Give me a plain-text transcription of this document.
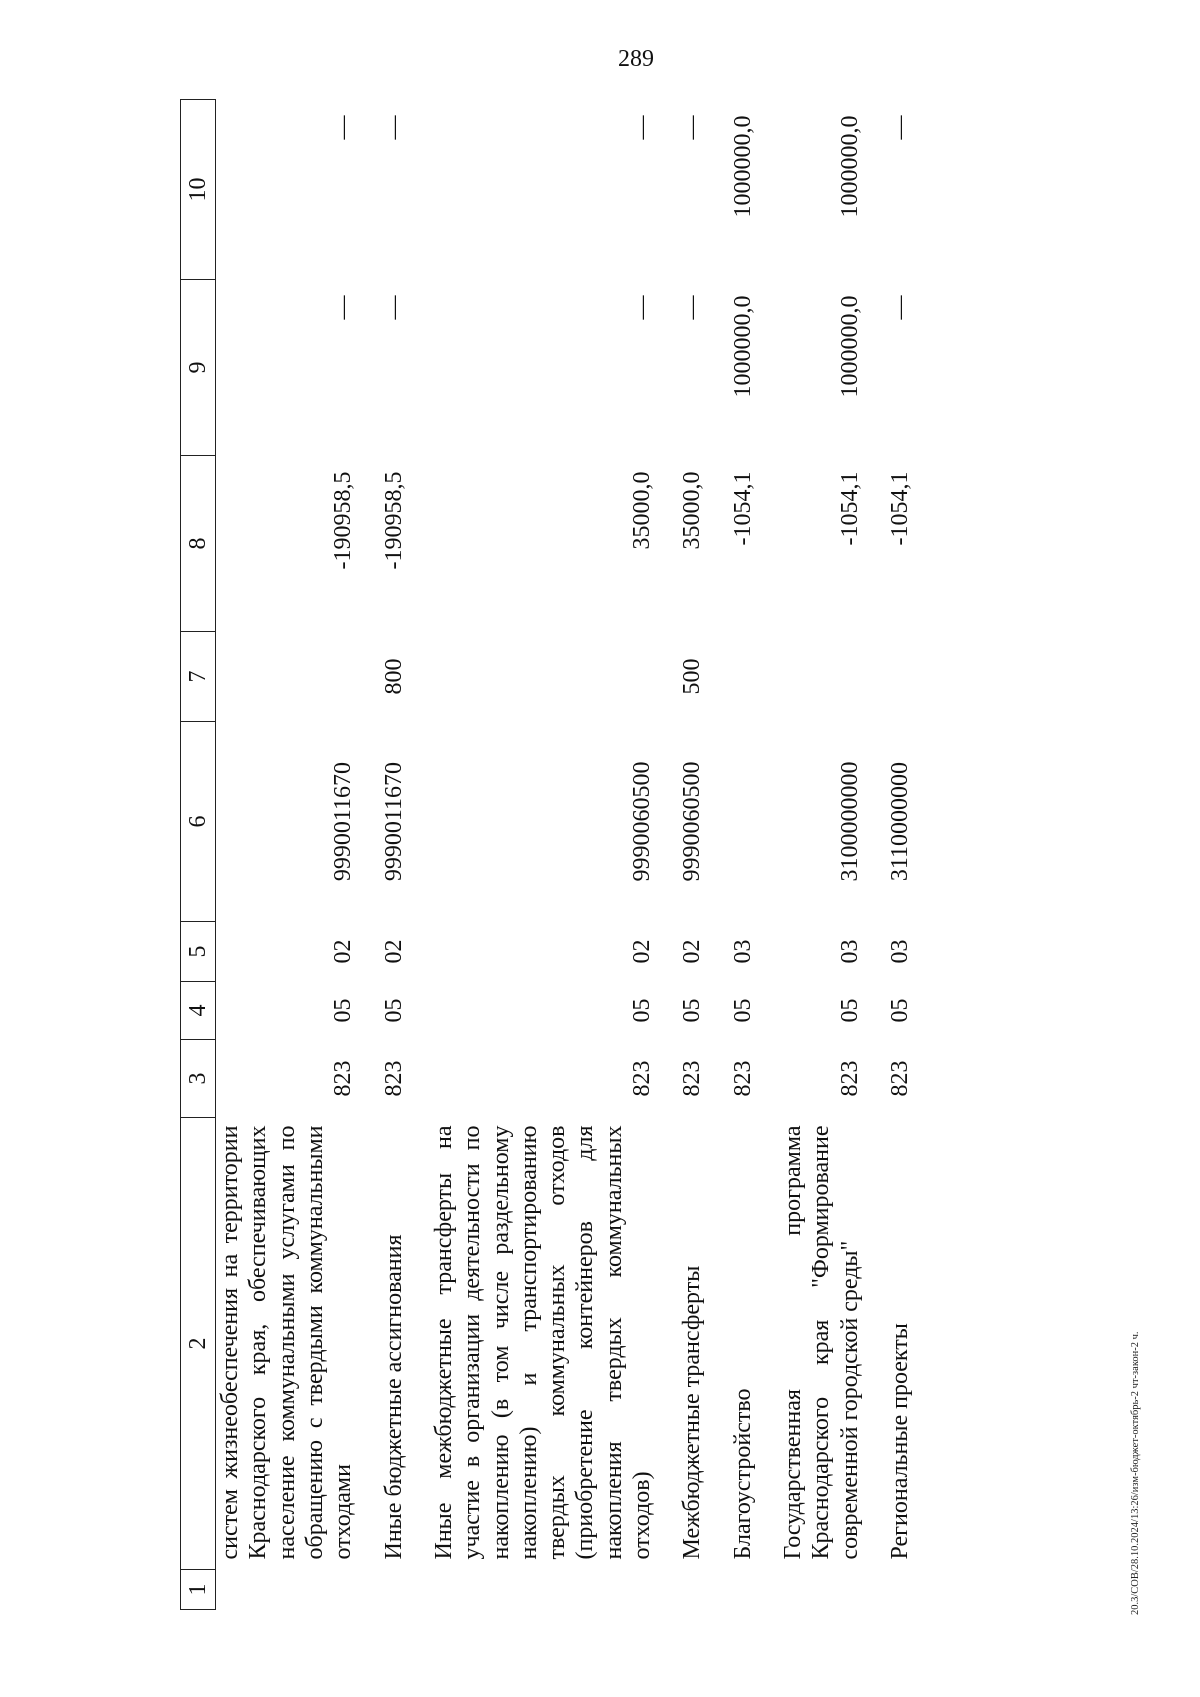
289
1	2	3	4	5	6	7	8	9	10
	систем жизнеобеспечения на территории Краснодарского края, обеспечивающих население коммунальными услугами по обращению с твердыми коммунальными отходами	823	05	02	9990011670		-190958,5	—	—
	Иные бюджетные ассигнования	823	05	02	9990011670	800	-190958,5	—	—
	Иные межбюджетные трансферты на участие в организации деятельности по накоплению (в том числе раздельному накоплению) и транспортированию твердых коммунальных отходов (приобретение контейнеров для накопления твердых коммунальных отходов)	823	05	02	9990060500		35000,0	—	—
	Межбюджетные трансферты	823	05	02	9990060500	500	35000,0	—	—
	Благоустройство	823	05	03			-1054,1	1000000,0	1000000,0
	Государственная программа Краснодарского края "Формирование современной городской среды"	823	05	03	3100000000		-1054,1	1000000,0	1000000,0
	Региональные проекты	823	05	03	3110000000		-1054,1	—	—
20.3/СОВ/28.10.2024/13:26/изм-бюджет-октябрь-2 чт-закон-2 ч.
